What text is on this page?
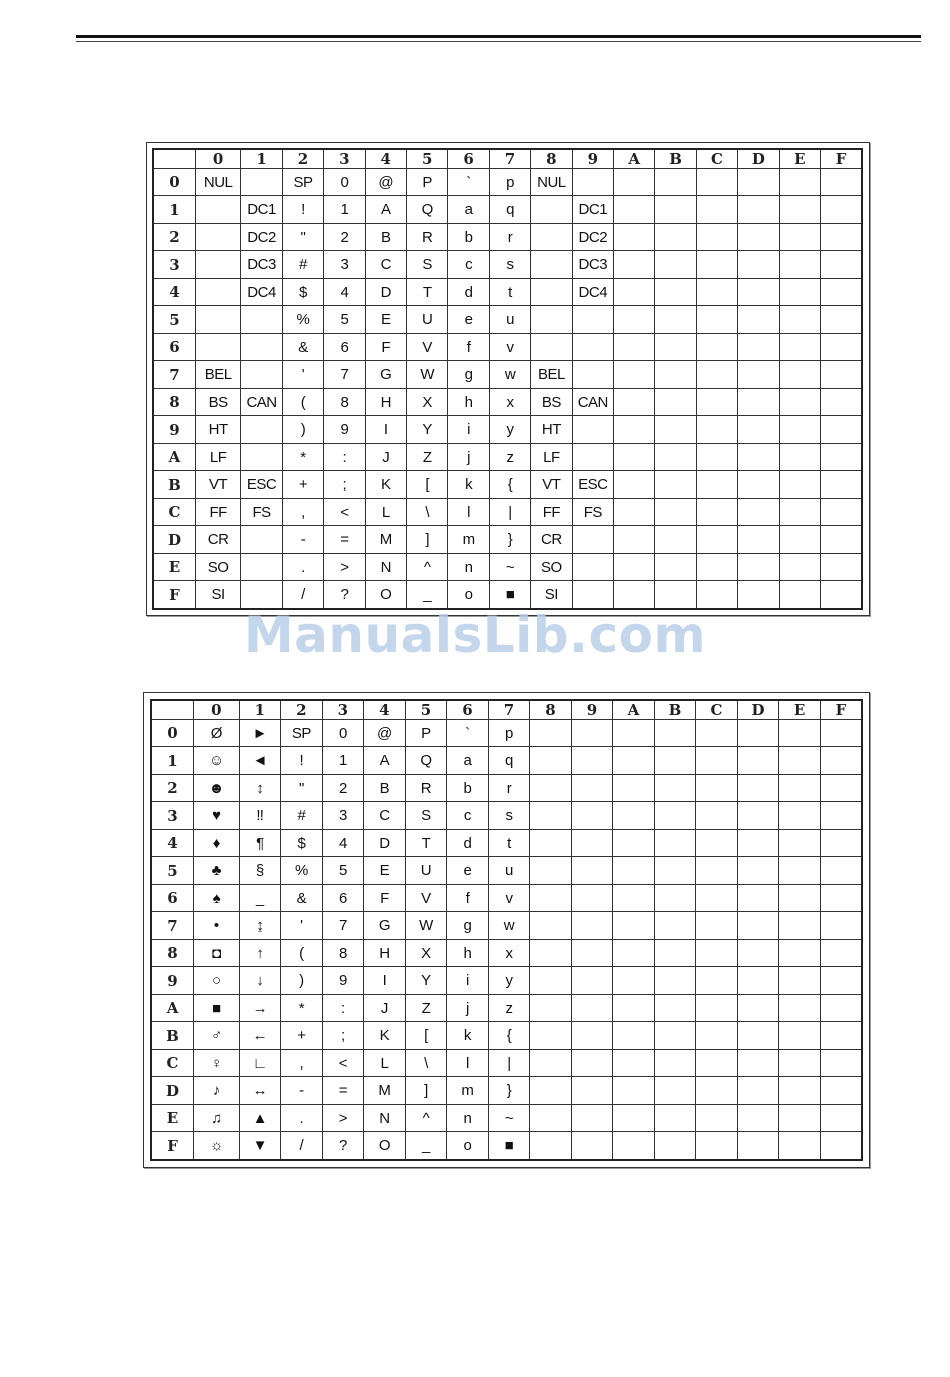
	0	1	2	3	4	5	6	7	8	9	A	B	C	D	E	F
0	NUL		SP	0	@	P	`	p	NUL							
1		DC1	!	1	A	Q	a	q		DC1						
2		DC2	"	2	B	R	b	r		DC2						
3		DC3	#	3	C	S	c	s		DC3						
4		DC4	$	4	D	T	d	t		DC4						
5			%	5	E	U	e	u								
6			&	6	F	V	f	v								
7	BEL		'	7	G	W	g	w	BEL							
8	BS	CAN	(	8	H	X	h	x	BS	CAN						
9	HT		)	9	I	Y	i	y	HT							
A	LF		*	:	J	Z	j	z	LF							
B	VT	ESC	+	;	K	[	k	{	VT	ESC						
C	FF	FS	,	<	L	\	l	|	FF	FS						
D	CR		-	=	M	]	m	}	CR							
E	SO		.	>	N	^	n	~	SO							
F	SI		/	?	O	_	o	■	SI							
ManualsLib.com
	0	1	2	3	4	5	6	7	8	9	A	B	C	D	E	F
0	Ø	►	SP	0	@	P	`	p								
1	☺	◄	!	1	A	Q	a	q								
2	☻	↕	"	2	B	R	b	r								
3	♥	‼	#	3	C	S	c	s								
4	♦	¶	$	4	D	T	d	t								
5	♣	§	%	5	E	U	e	u								
6	♠	_	&	6	F	V	f	v								
7	•	↨	'	7	G	W	g	w								
8	◘	↑	(	8	H	X	h	x								
9	○	↓	)	9	I	Y	i	y								
A	■	→	*	:	J	Z	j	z								
B	♂	←	+	;	K	[	k	{								
C	♀	∟	,	<	L	\	l	|								
D	♪	↔	-	=	M	]	m	}								
E	♫	▲	.	>	N	^	n	~								
F	☼	▼	/	?	O	_	o	■								
